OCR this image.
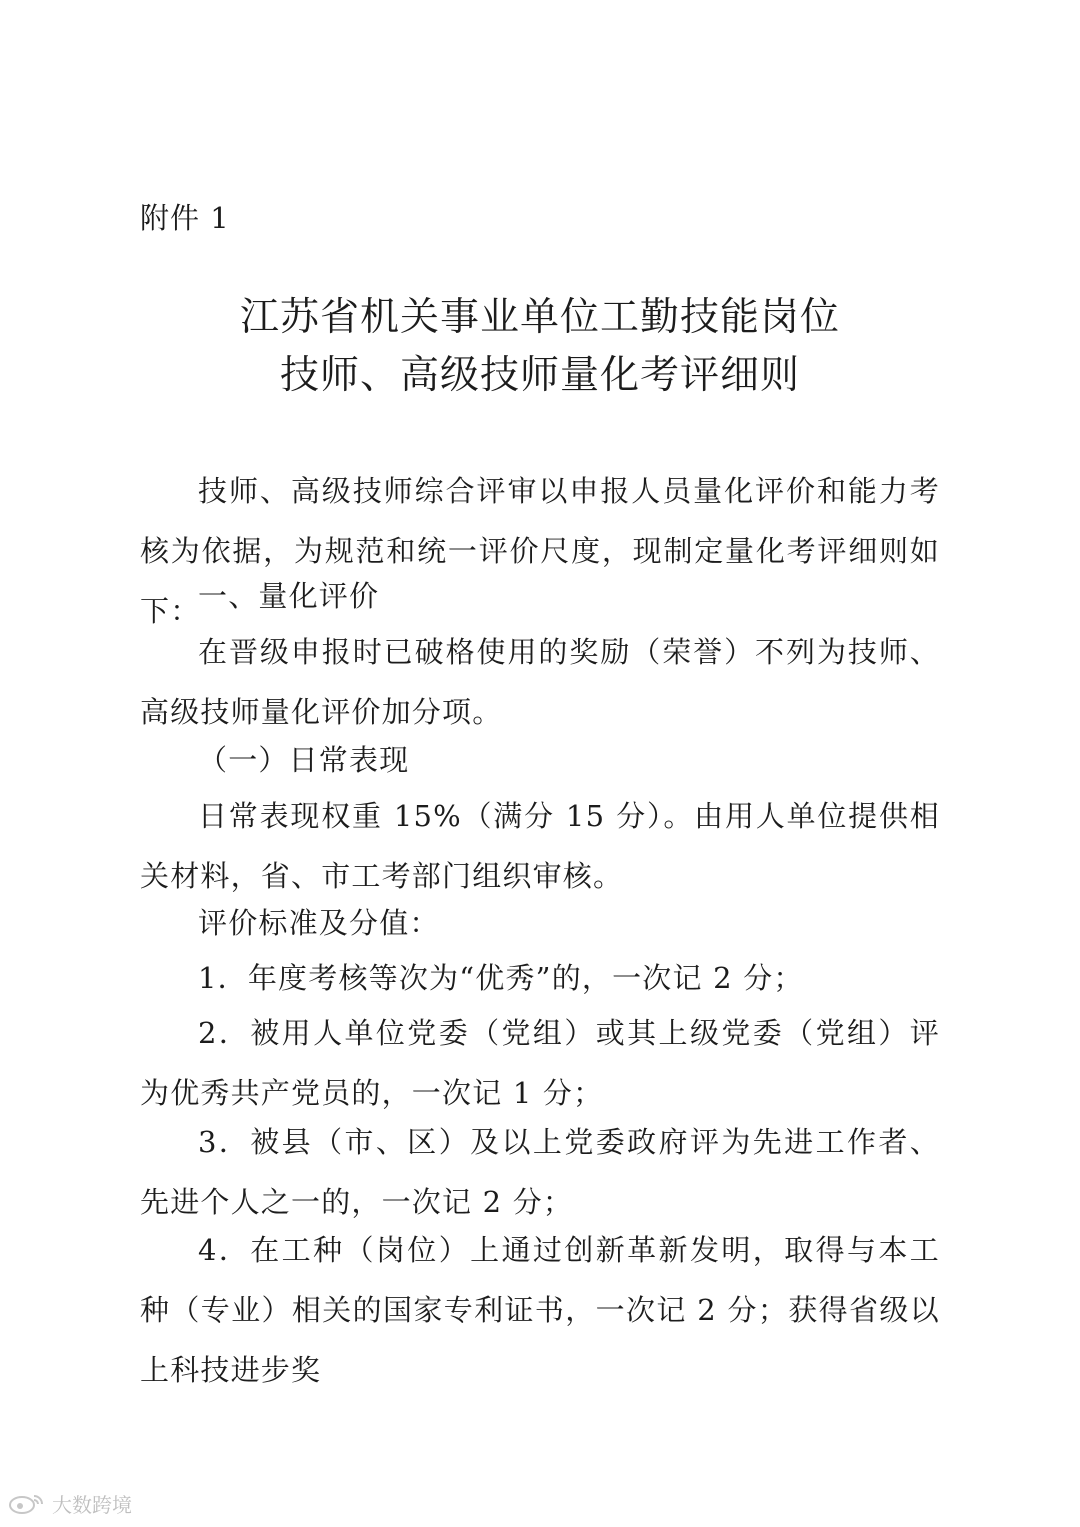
附件 1
江苏省机关事业单位工勤技能岗位
技师、高级技师量化考评细则
技师、高级技师综合评审以申报人员量化评价和能力考核为依据，为规范和统一评价尺度，现制定量化考评细则如下：
一、量化评价
在晋级申报时已破格使用的奖励（荣誉）不列为技师、高级技师量化评价加分项。
（一）日常表现
日常表现权重 15%（满分 15 分）。由用人单位提供相关材料，省、市工考部门组织审核。
评价标准及分值：
1．年度考核等次为“优秀”的，一次记 2 分；
2．被用人单位党委（党组）或其上级党委（党组）评为优秀共产党员的，一次记 1 分；
3．被县（市、区）及以上党委政府评为先进工作者、先进个人之一的，一次记 2 分；
4．在工种（岗位）上通过创新革新发明，取得与本工种（专业）相关的国家专利证书，一次记 2 分；获得省级以上科技进步奖
大数跨境
